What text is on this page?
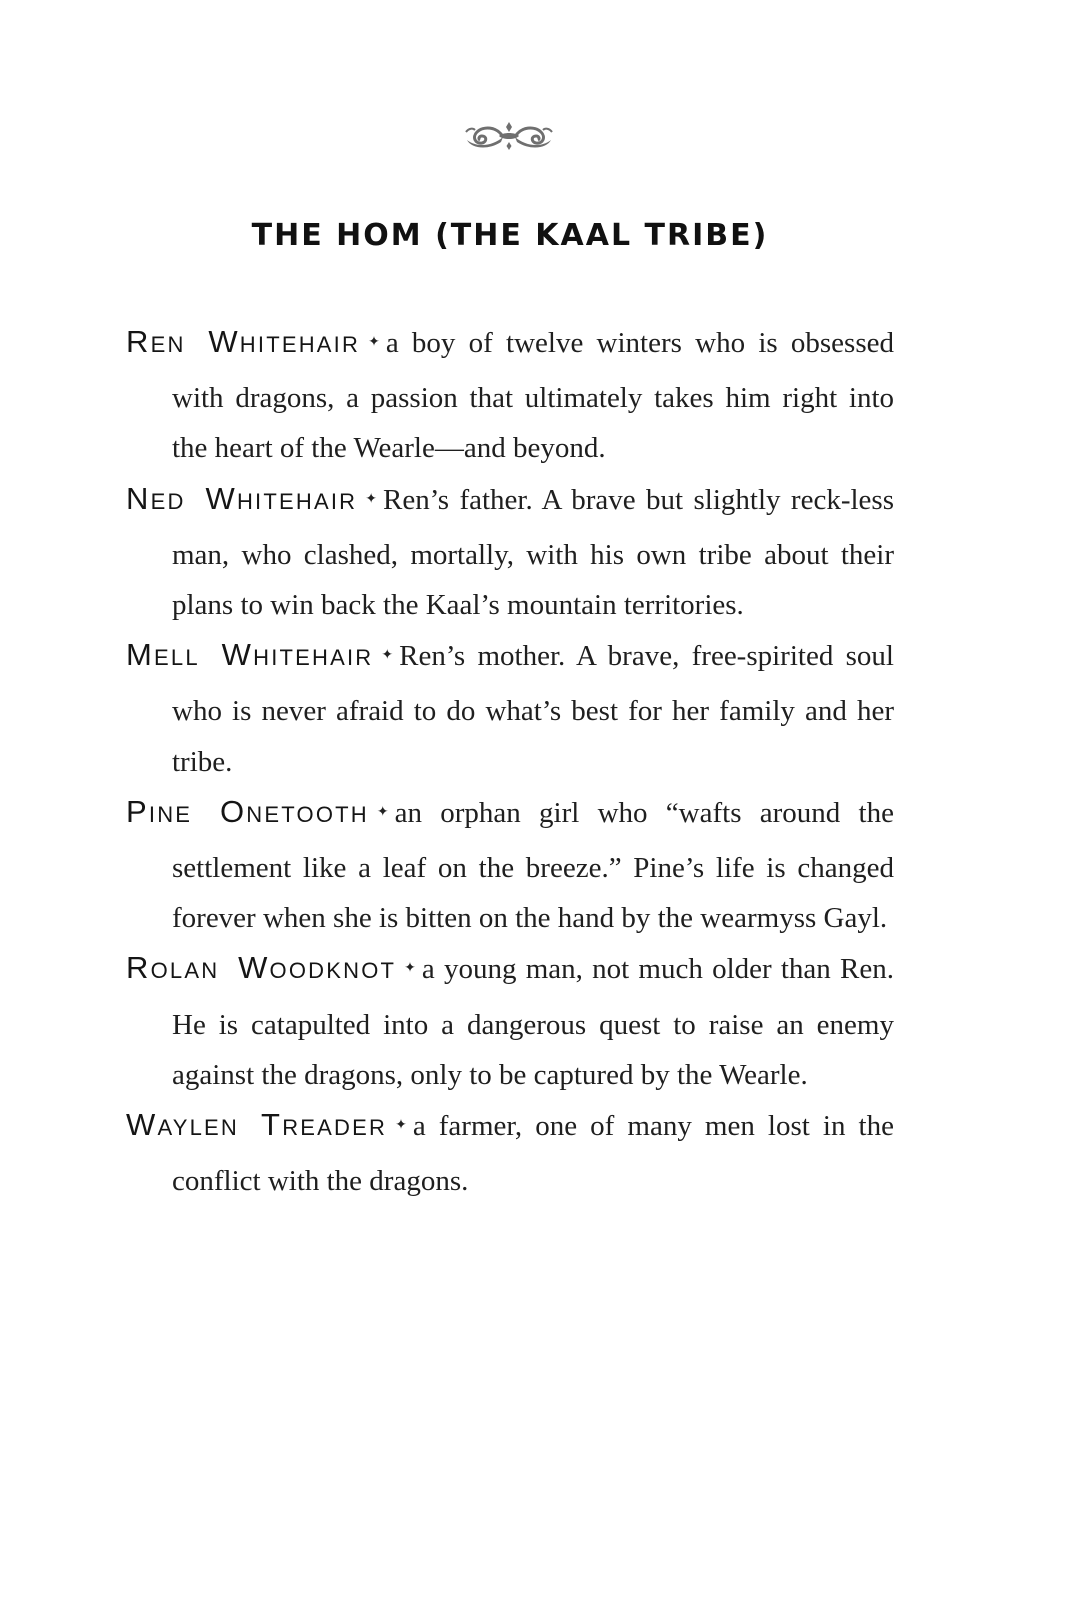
THE HOM (THE KAAL TRIBE)

Ren Whitehair ✦ a boy of twelve winters who is obsessed with dragons, a passion that ultimately takes him right into the heart of the Wearle—and beyond.

Ned Whitehair ✦ Ren’s father. A brave but slightly reck-less man, who clashed, mortally, with his own tribe about their plans to win back the Kaal’s mountain territories.

Mell Whitehair ✦ Ren’s mother. A brave, free-spirited soul who is never afraid to do what’s best for her family and her tribe.

Pine Onetooth ✦ an orphan girl who “wafts around the settlement like a leaf on the breeze.” Pine’s life is changed forever when she is bitten on the hand by the wearmyss Gayl.

Rolan Woodknot ✦ a young man, not much older than Ren. He is catapulted into a dangerous quest to raise an enemy against the dragons, only to be captured by the Wearle.

Waylen Treader ✦ a farmer, one of many men lost in the conflict with the dragons.
